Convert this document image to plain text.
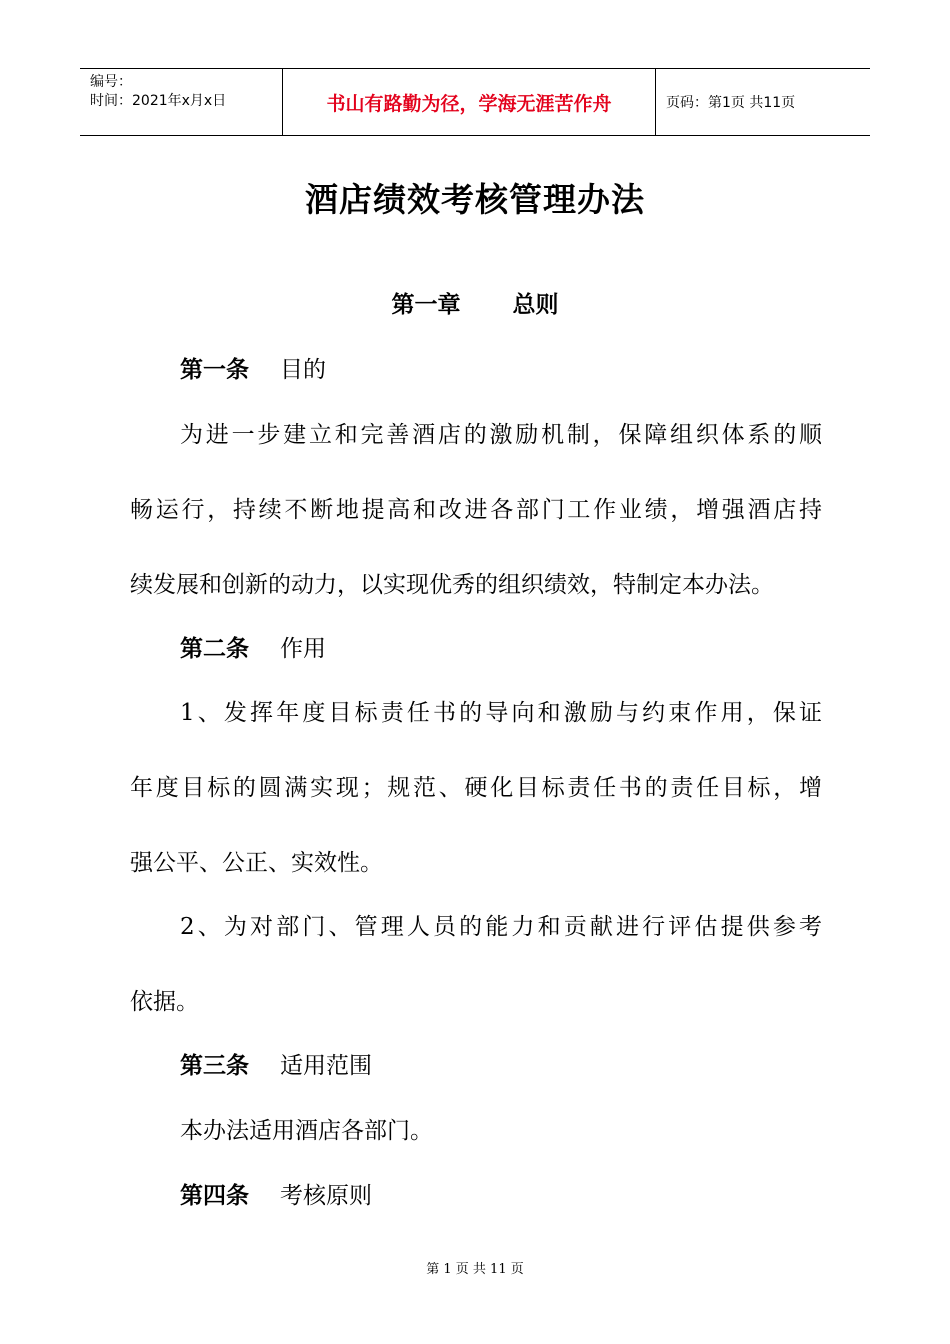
编号：
时间：2021年x月x日	书山有路勤为径，学海无涯苦作舟	页码：第1页 共11页
酒店绩效考核管理办法
第一章 总则
第一条 目的
为进一步建立和完善酒店的激励机制，保障组织体系的顺
畅运行，持续不断地提高和改进各部门工作业绩，增强酒店持
续发展和创新的动力，以实现优秀的组织绩效，特制定本办法。
第二条 作用
1、发挥年度目标责任书的导向和激励与约束作用，保证
年度目标的圆满实现；规范、硬化目标责任书的责任目标，增
强公平、公正、实效性。
2、为对部门、管理人员的能力和贡献进行评估提供参考
依据。
第三条 适用范围
本办法适用酒店各部门。
第四条 考核原则
第 1 页 共 11 页
